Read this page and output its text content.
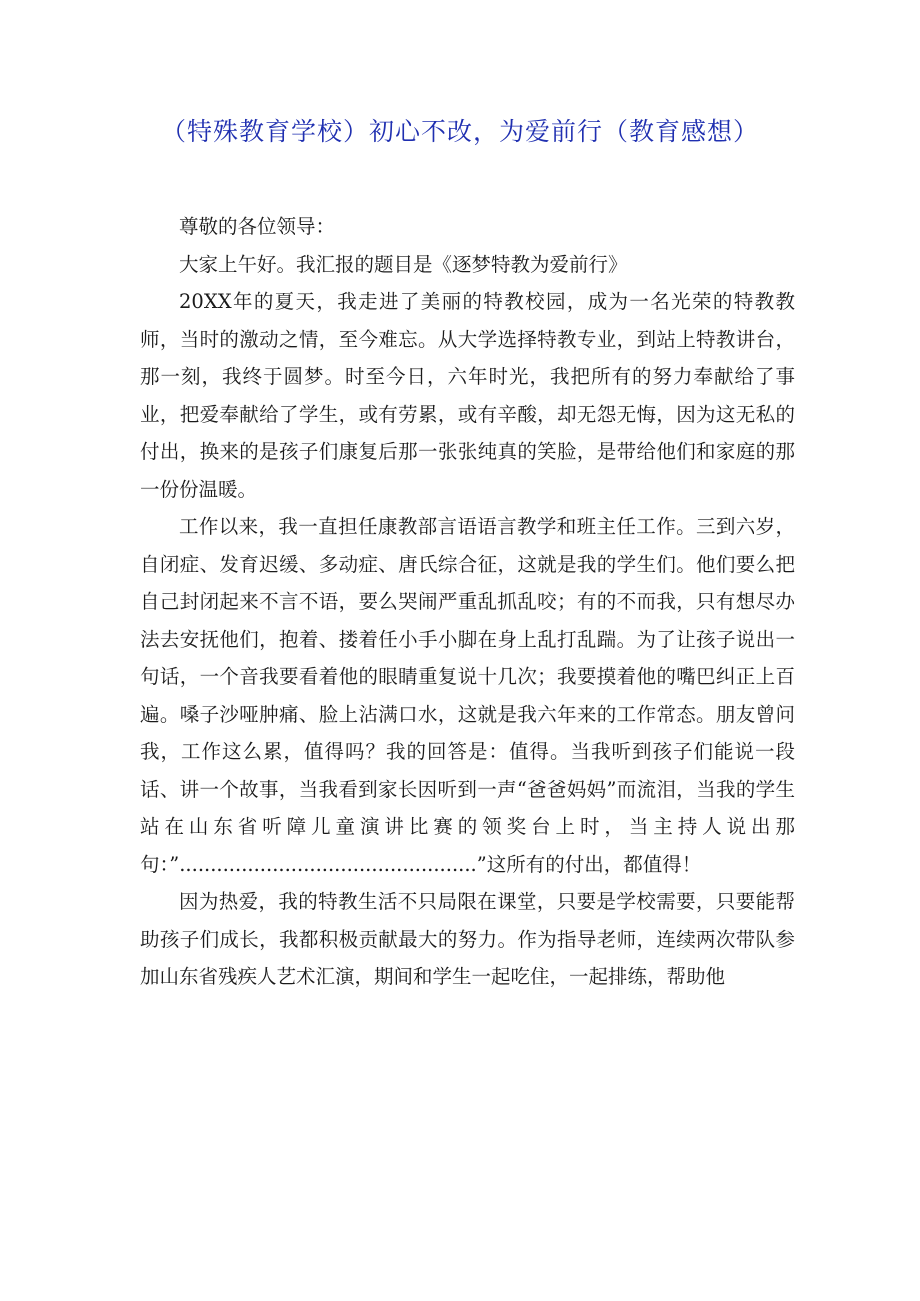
（特殊教育学校）初心不改，为爱前行（教育感想）

尊敬的各位领导：

大家上午好。我汇报的题目是《逐梦特教为爱前行》

20XX年的夏天，我走进了美丽的特教校园，成为一名光荣的特教教师，当时的激动之情，至今难忘。从大学选择特教专业，到站上特教讲台，那一刻，我终于圆梦。时至今日，六年时光，我把所有的努力奉献给了事业，把爱奉献给了学生，或有劳累，或有辛酸，却无怨无悔，因为这无私的付出，换来的是孩子们康复后那一张张纯真的笑脸，是带给他们和家庭的那一份份温暖。

工作以来，我一直担任康教部言语语言教学和班主任工作。三到六岁，自闭症、发育迟缓、多动症、唐氏综合征，这就是我的学生们。他们要么把自己封闭起来不言不语，要么哭闹严重乱抓乱咬；有的不而我，只有想尽办法去安抚他们，抱着、搂着任小手小脚在身上乱打乱踹。为了让孩子说出一句话，一个音我要看着他的眼睛重复说十几次；我要摸着他的嘴巴纠正上百遍。嗓子沙哑肿痛、脸上沾满口水，这就是我六年来的工作常态。朋友曾问我，工作这么累，值得吗？我的回答是：值得。当我听到孩子们能说一段话、讲一个故事，当我看到家长因听到一声“爸爸妈妈”而流泪，当我的学生站在山东省听障儿童演讲比赛的领奖台上时，当主持人说出那句：”................................................”这所有的付出，都值得！

因为热爱，我的特教生活不只局限在课堂，只要是学校需要，只要能帮助孩子们成长，我都积极贡献最大的努力。作为指导老师，连续两次带队参加山东省残疾人艺术汇演，期间和学生一起吃住，一起排练，帮助他
